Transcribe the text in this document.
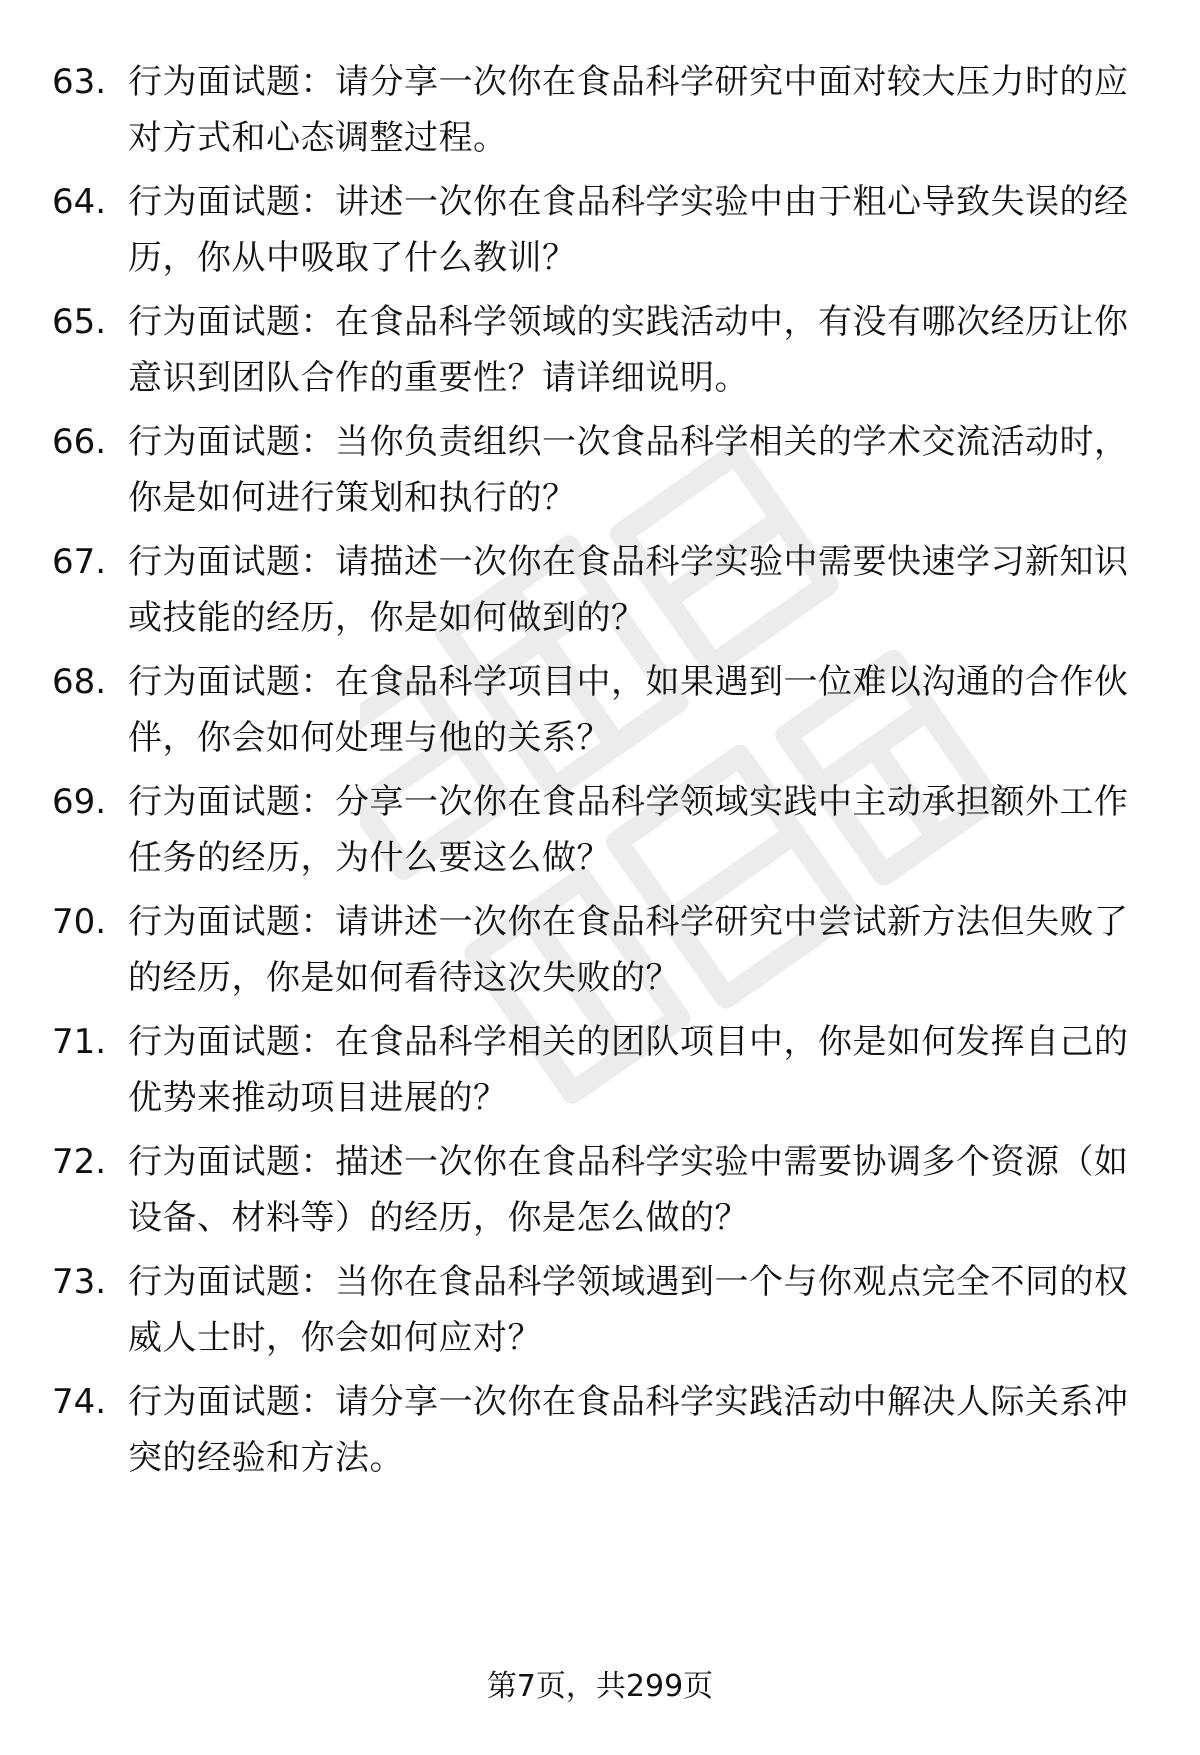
63. 行为面试题：请分享一次你在食品科学研究中面对较大压力时的应对方式和心态调整过程。
64. 行为面试题：讲述一次你在食品科学实验中由于粗心导致失误的经历，你从中吸取了什么教训？
65. 行为面试题：在食品科学领域的实践活动中，有没有哪次经历让你意识到团队合作的重要性？请详细说明。
66. 行为面试题：当你负责组织一次食品科学相关的学术交流活动时，你是如何进行策划和执行的？
67. 行为面试题：请描述一次你在食品科学实验中需要快速学习新知识或技能的经历，你是如何做到的？
68. 行为面试题：在食品科学项目中，如果遇到一位难以沟通的合作伙伴，你会如何处理与他的关系？
69. 行为面试题：分享一次你在食品科学领域实践中主动承担额外工作任务的经历，为什么要这么做？
70. 行为面试题：请讲述一次你在食品科学研究中尝试新方法但失败了的经历，你是如何看待这次失败的？
71. 行为面试题：在食品科学相关的团队项目中，你是如何发挥自己的优势来推动项目进展的？
72. 行为面试题：描述一次你在食品科学实验中需要协调多个资源（如设备、材料等）的经历，你是怎么做的？
73. 行为面试题：当你在食品科学领域遇到一个与你观点完全不同的权威人士时，你会如何应对？
74. 行为面试题：请分享一次你在食品科学实践活动中解决人际关系冲突的经验和方法。
第7页，共299页
